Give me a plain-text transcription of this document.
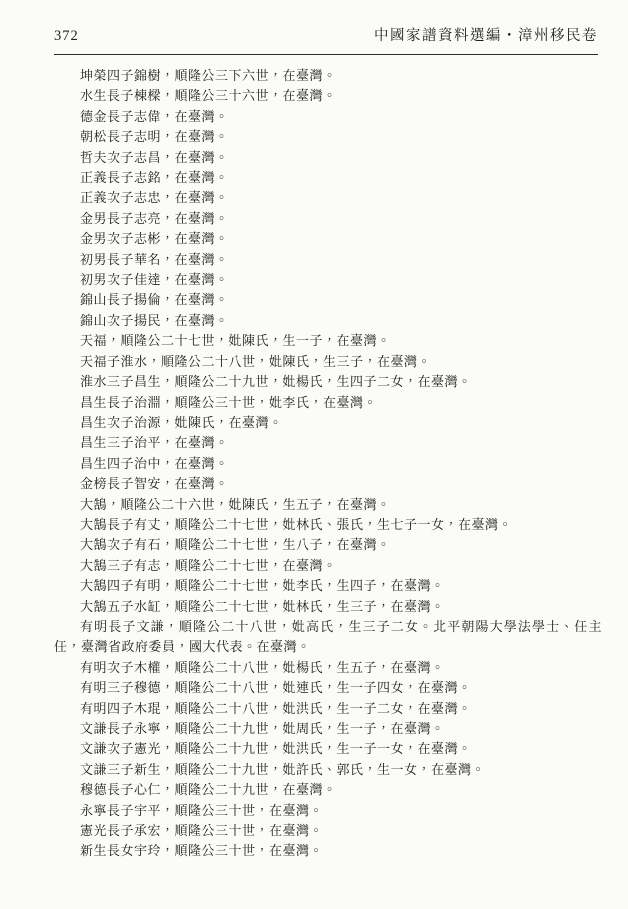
372	中國家譜資料選編・漳州移民卷

坤榮四子錦樹，順隆公三下六世，在臺灣。

水生長子棟樑，順隆公三十六世，在臺灣。

德金長子志偉，在臺灣。

朝松長子志明，在臺灣。

哲夫次子志昌，在臺灣。

正義長子志銘，在臺灣。

正義次子志忠，在臺灣。

金男長子志亮，在臺灣。

金男次子志彬，在臺灣。

初男長子華名，在臺灣。

初男次子佳達，在臺灣。

錦山長子揚倫，在臺灣。

錦山次子揚民，在臺灣。

天福，順隆公二十七世，妣陳氏，生一子，在臺灣。

天福子淮水，順隆公二十八世，妣陳氏，生三子，在臺灣。

淮水三子昌生，順隆公二十九世，妣楊氏，生四子二女，在臺灣。

昌生長子治淵，順隆公三十世，妣李氏，在臺灣。

昌生次子治源，妣陳氏，在臺灣。

昌生三子治平，在臺灣。

昌生四子治中，在臺灣。

金榜長子智安，在臺灣。

大鵠，順隆公二十六世，妣陳氏，生五子，在臺灣。

大鵠長子有丈，順隆公二十七世，妣林氏、張氏，生七子一女，在臺灣。

大鵠次子有石，順隆公二十七世，生八子，在臺灣。

大鵠三子有志，順隆公二十七世，在臺灣。

大鵠四子有明，順隆公二十七世，妣李氏，生四子，在臺灣。

大鵠五子水缸，順隆公二十七世，妣林氏，生三子，在臺灣。

有明長子文謙，順隆公二十八世，妣高氏，生三子二女。北平朝陽大學法學士、任主任，臺灣省政府委員，國大代表。在臺灣。

有明次子木權，順隆公二十八世，妣楊氏，生五子，在臺灣。

有明三子穆德，順隆公二十八世，妣連氏，生一子四女，在臺灣。

有明四子木琨，順隆公二十八世，妣洪氏，生一子二女，在臺灣。

文謙長子永寧，順隆公二十九世，妣周氏，生一子，在臺灣。

文謙次子憲光，順隆公二十九世，妣洪氏，生一子一女，在臺灣。

文謙三子新生，順隆公二十九世，妣許氏、郭氏，生一女，在臺灣。

穆德長子心仁，順隆公二十九世，在臺灣。

永寧長子宇平，順隆公三十世，在臺灣。

憲光長子承宏，順隆公三十世，在臺灣。

新生長女宇玲，順隆公三十世，在臺灣。
